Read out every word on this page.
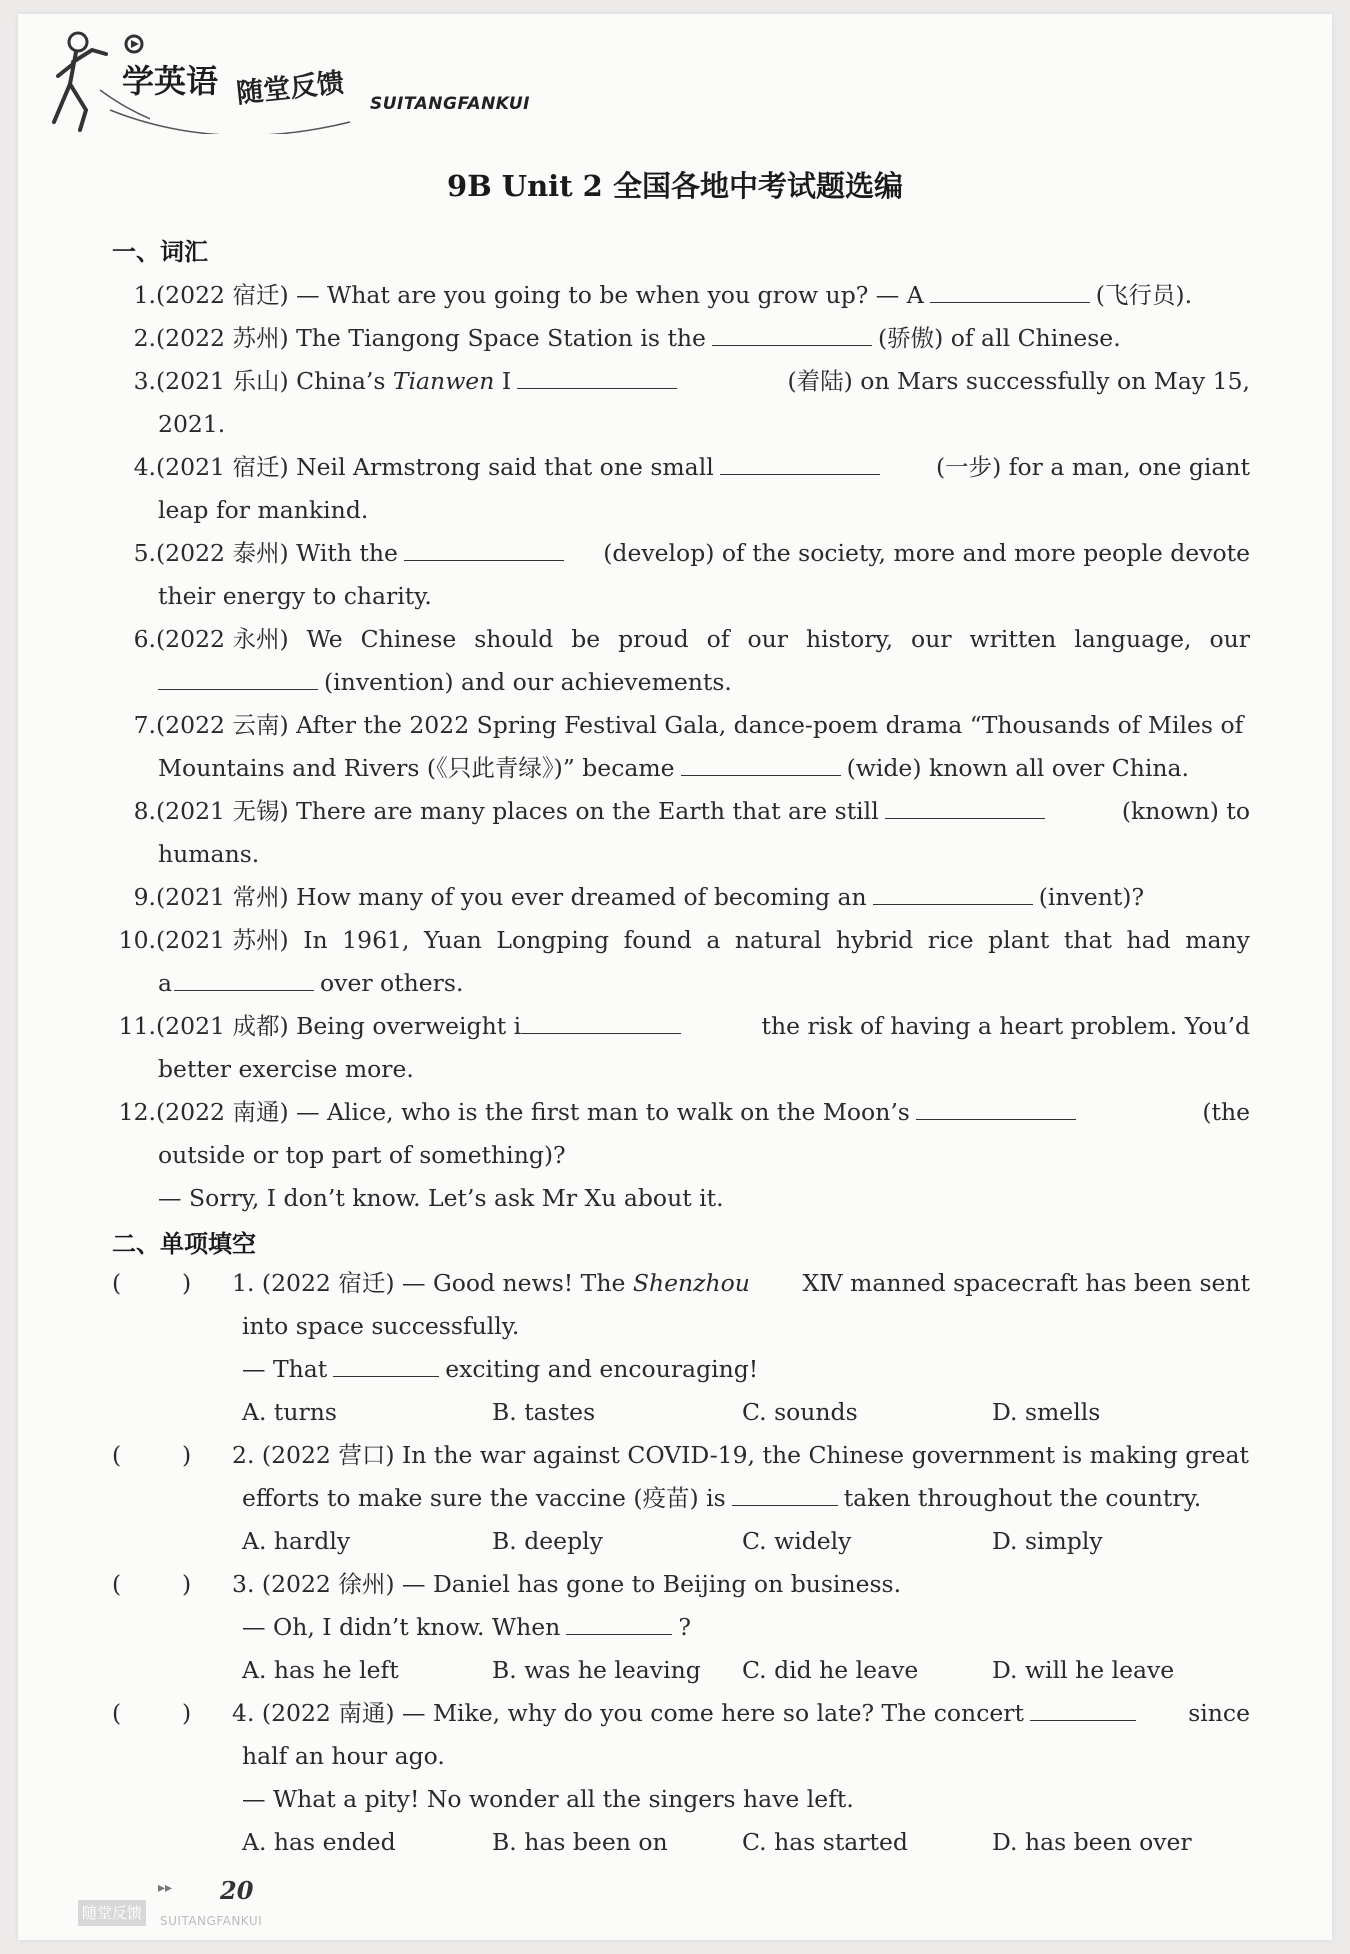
学英语 随堂反馈 SUITANGFANKUI
9B Unit 2 全国各地中考试题选编
一、词汇
1.(2022 宿迁) — What are you going to be when you grow up? — A	(飞行员).
2.(2022 苏州) The Tiangong Space Station is the	(骄傲) of all Chinese.
3.(2021 乐山) China’s Tianwen Ⅰ	(着陆) on Mars successfully on May 15,
2021.
4.(2021 宿迁) Neil Armstrong said that one small	(一步) for a man, one giant
leap for mankind.
5.(2022 泰州) With the	(develop) of the society, more and more people devote
their energy to charity.
6.(2022 永州) We Chinese should be proud of our history, our written language, our
(invention) and our achievements.
7.(2022 云南) After the 2022 Spring Festival Gala, dance-poem drama “Thousands of Miles of
Mountains and Rivers (《只此青绿》)” became	(wide) known all over China.
8.(2021 无锡) There are many places on the Earth that are still	(known) to
humans.
9.(2021 常州) How many of you ever dreamed of becoming an	(invent)?
10.(2021 苏州) In 1961, Yuan Longping found a natural hybrid rice plant that had many
a	over others.
11.(2021 成都) Being overweight i	the risk of having a heart problem. You’d
better exercise more.
12.(2022 南通) — Alice, who is the first man to walk on the Moon’s	(the
outside or top part of something)?
— Sorry, I don’t know. Let’s ask Mr Xu about it.
二、单项填空
(	) 1. (2022 宿迁) — Good news! The Shenzhou ⅩⅣ manned spacecraft has been sent
into space successfully.
— That	exciting and encouraging!
A. turns	B. tastes	C. sounds	D. smells
(	)	2. (2022 营口) In the war against COVID-19, the Chinese government is making great
efforts to make sure the vaccine (疫苗) is	taken throughout the country.
A. hardly	B. deeply	C. widely	D. simply
(	)	3. (2022 徐州) — Daniel has gone to Beijing on business.
— Oh, I didn’t know. When	?
A. has he left	B. was he leaving	C. did he leave	D. will he leave
(	) 4. (2022 南通) — Mike, why do you come here so late? The concert	since
half an hour ago.
— What a pity! No wonder all the singers have left.
A. has ended	B. has been on	C. has started	D. has been over
▸▸ 20
随堂反馈	SUITANGFANKUI
